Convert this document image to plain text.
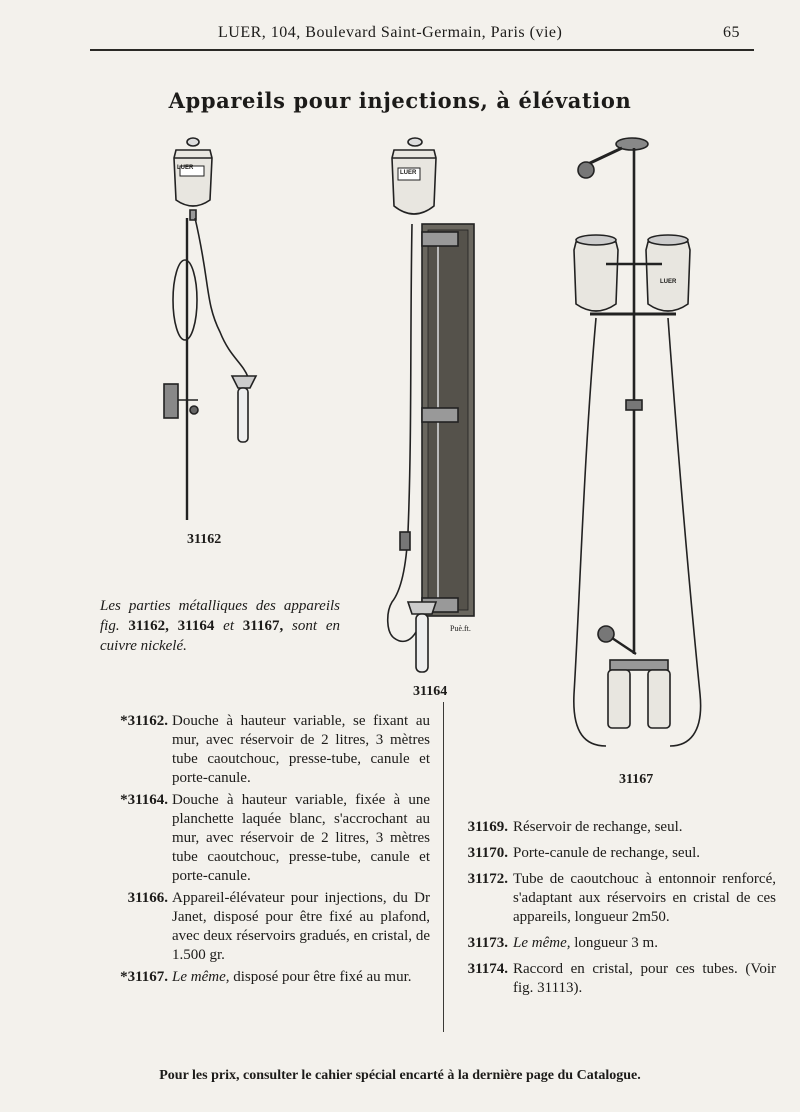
LUER, 104, Boulevard Saint-Germain, Paris (vie)	65
Appareils pour injections, à élévation
31162
Puè.ft.
31164
31167
Les parties métalliques des appareils fig. 31162, 31164 et 31167, sont en cuivre nickelé.
*31162. Douche à hauteur variable, se fixant au mur, avec réservoir de 2 litres, 3 mètres tube caoutchouc, presse-tube, canule et porte-canule.
*31164. Douche à hauteur variable, fixée à une planchette laquée blanc, s'accrochant au mur, avec réservoir de 2 litres, 3 mètres tube caoutchouc, presse-tube, canule et porte-canule.
31166. Appareil-élévateur pour injections, du Dr Janet, disposé pour être fixé au plafond, avec deux réservoirs gradués, en cristal, de 1.500 gr.
*31167. Le même, disposé pour être fixé au mur.
31169. Réservoir de rechange, seul.
31170. Porte-canule de rechange, seul.
31172. Tube de caoutchouc à entonnoir renforcé, s'adaptant aux réservoirs en cristal de ces appareils, longueur 2m50.
31173. Le même, longueur 3 m.
31174. Raccord en cristal, pour ces tubes. (Voir fig. 31113).
Pour les prix, consulter le cahier spécial encarté à la dernière page du Catalogue.
LUER
LUER
LUER
